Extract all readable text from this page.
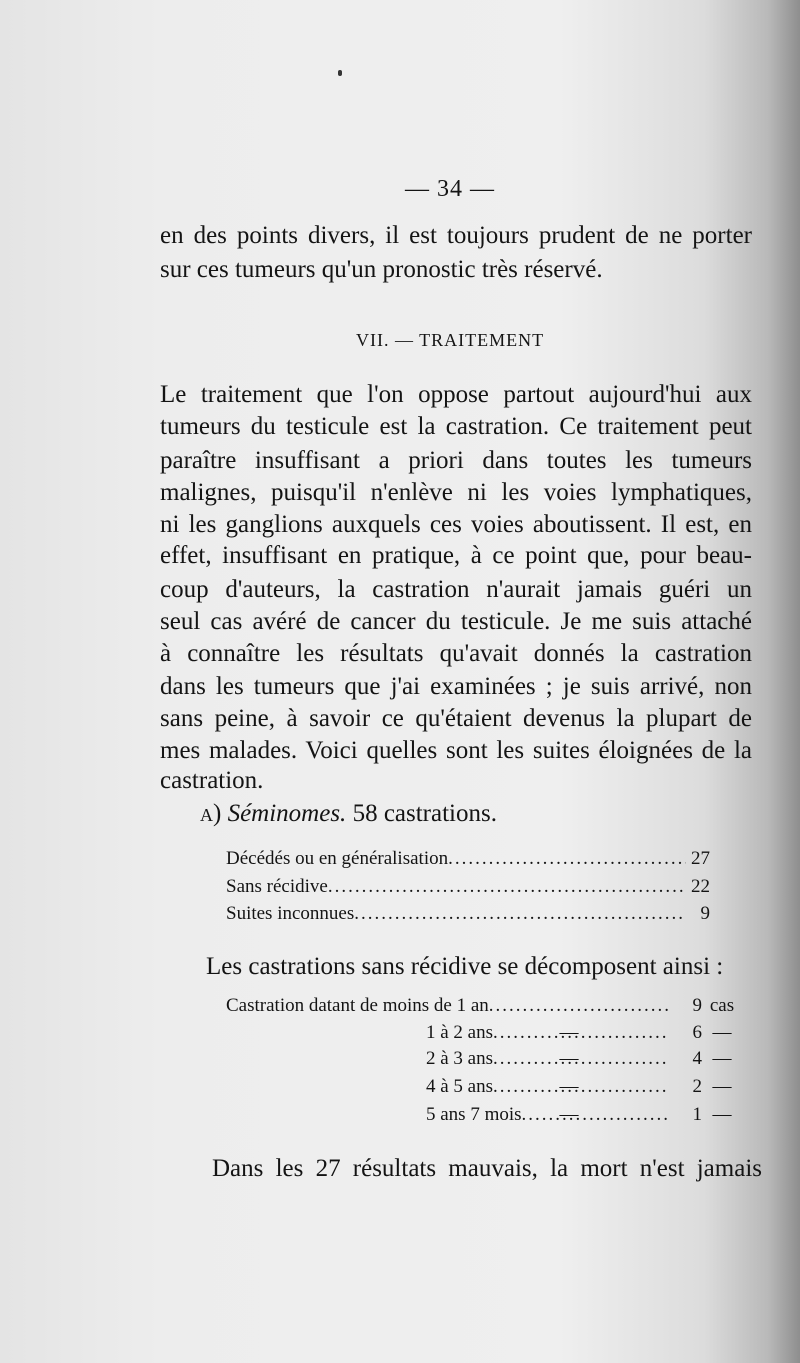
— 34 —
en des points divers, il est toujours prudent de ne porter
sur ces tumeurs qu'un pronostic très réservé.
VII. — TRAITEMENT
Le traitement que l'on oppose partout aujourd'hui aux
tumeurs du testicule est la castration. Ce traitement peut
paraître insuffisant a priori dans toutes les tumeurs
malignes, puisqu'il n'enlève ni les voies lymphatiques,
ni les ganglions auxquels ces voies aboutissent. Il est, en
effet, insuffisant en pratique, à ce point que, pour beau-
coup d'auteurs, la castration n'aurait jamais guéri un
seul cas avéré de cancer du testicule. Je me suis attaché
à connaître les résultats qu'avait donnés la castration
dans les tumeurs que j'ai examinées ; je suis arrivé, non
sans peine, à savoir ce qu'étaient devenus la plupart de
mes malades. Voici quelles sont les suites éloignées de la
castration.
a) Séminomes. 58 castrations.
Décédés ou en généralisation .....	27
Sans récidive .....	22
Suites inconnues .....	9
Les castrations sans récidive se décomposent ainsi :
Castration datant de moins de 1 an .....	9 cas
—
1 à 2 ans .....	6 —
—
2 à 3 ans .....	4 —
—
4 à 5 ans .....	2 —
—
5 ans 7 mois .....	1 —
Dans les 27 résultats mauvais, la mort n'est jamais
